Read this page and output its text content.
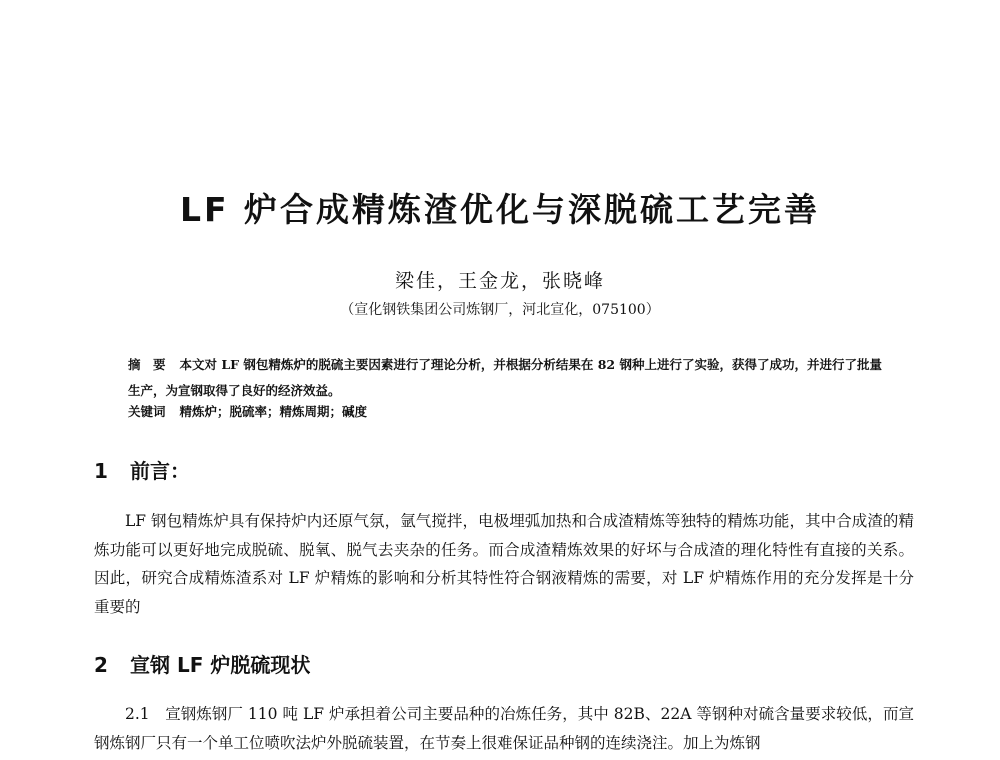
LF 炉合成精炼渣优化与深脱硫工艺完善
梁佳，王金龙，张晓峰
（宣化钢铁集团公司炼钢厂，河北宣化，075100）
摘　要 本文对 LF 钢包精炼炉的脱硫主要因素进行了理论分析，并根据分析结果在 82 钢种上进行了实验，获得了成功，并进行了批量生产，为宣钢取得了良好的经济效益。
关键词 精炼炉；脱硫率；精炼周期；碱度
1 前言：
LF 钢包精炼炉具有保持炉内还原气氛，氩气搅拌，电极埋弧加热和合成渣精炼等独特的精炼功能，其中合成渣的精炼功能可以更好地完成脱硫、脱氧、脱气去夹杂的任务。而合成渣精炼效果的好坏与合成渣的理化特性有直接的关系。因此，研究合成精炼渣系对 LF 炉精炼的影响和分析其特性符合钢液精炼的需要，对 LF 炉精炼作用的充分发挥是十分重要的
2 宣钢 LF 炉脱硫现状
2.1　宣钢炼钢厂 110 吨 LF 炉承担着公司主要品种的冶炼任务，其中 82B、22A 等钢种对硫含量要求较低，而宣钢炼钢厂只有一个单工位喷吹法炉外脱硫装置，在节奏上很难保证品种钢的连续浇注。加上为炼钢
